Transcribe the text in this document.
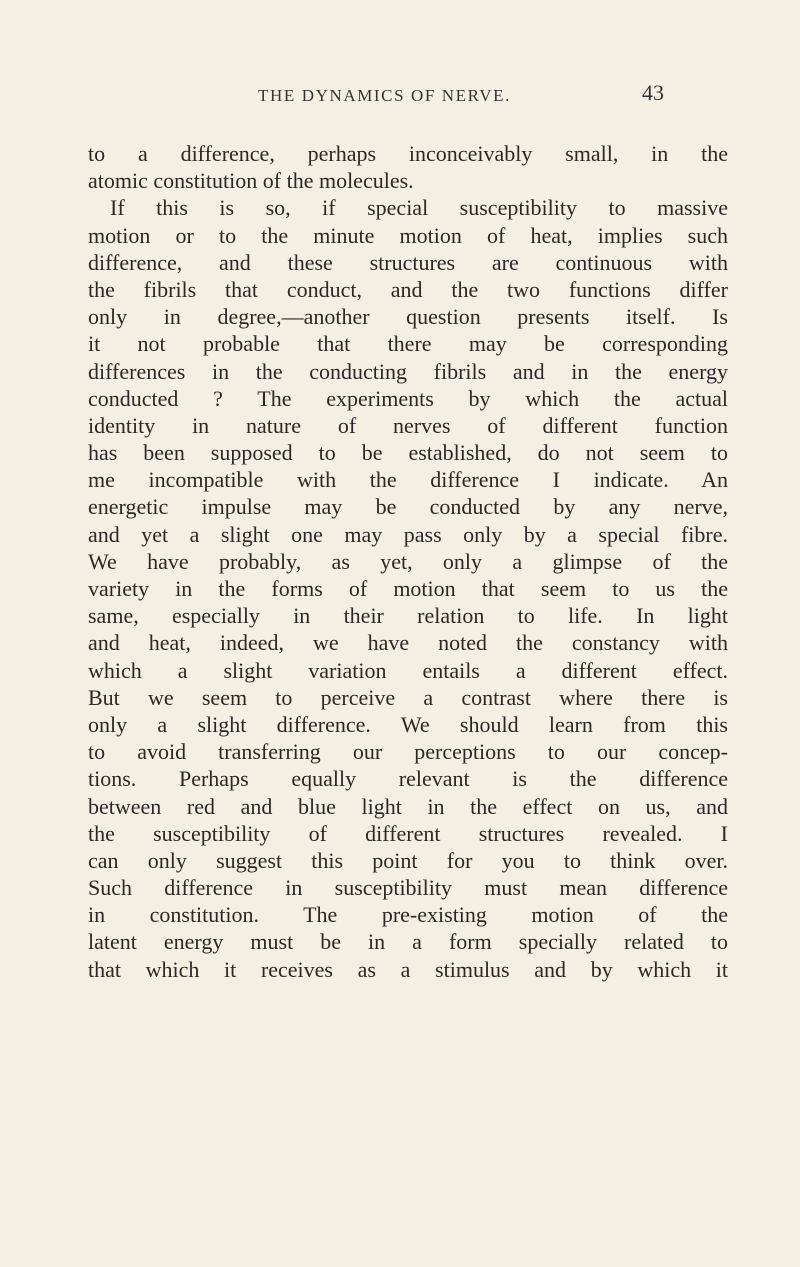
THE DYNAMICS OF NERVE.	43
to a difference, perhaps inconceivably small, in the
atomic constitution of the molecules.
If this is so, if special susceptibility to massive
motion or to the minute motion of heat, implies such
difference, and these structures are continuous with
the fibrils that conduct, and the two functions differ
only in degree,—another question presents itself. Is
it not probable that there may be corresponding
differences in the conducting fibrils and in the energy
conducted ? The experiments by which the actual
identity in nature of nerves of different function
has been supposed to be established, do not seem to
me incompatible with the difference I indicate. An
energetic impulse may be conducted by any nerve,
and yet a slight one may pass only by a special fibre.
We have probably, as yet, only a glimpse of the
variety in the forms of motion that seem to us the
same, especially in their relation to life. In light
and heat, indeed, we have noted the constancy with
which a slight variation entails a different effect.
But we seem to perceive a contrast where there is
only a slight difference. We should learn from this
to avoid transferring our perceptions to our concep-
tions. Perhaps equally relevant is the difference
between red and blue light in the effect on us, and
the susceptibility of different structures revealed. I
can only suggest this point for you to think over.
Such difference in susceptibility must mean difference
in constitution. The pre-existing motion of the
latent energy must be in a form specially related to
that which it receives as a stimulus and by which it
